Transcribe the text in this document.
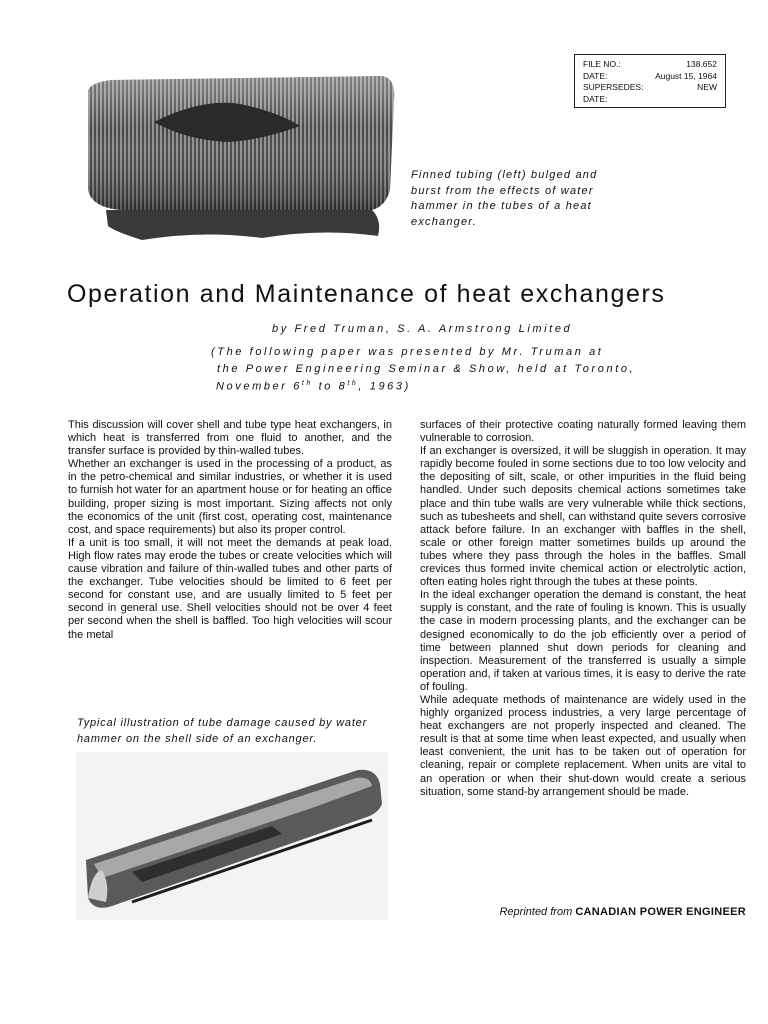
FILE NO.:	138.652
DATE:	August 15, 1964
SUPERSEDES:	NEW
DATE:
Finned tubing (left) bulged and burst from the effects of water hammer in the tubes of a heat exchanger.
Operation and Maintenance of heat exchangers
by Fred Truman, S. A. Armstrong Limited
(The following paper was presented by Mr. Truman at
the Power Engineering Seminar & Show, held at Toronto,
November 6th to 8th, 1963)

This discussion will cover shell and tube type heat exchangers, in which heat is transferred from one fluid to another, and the transfer surface is provided by thin-walled tubes.

Whether an exchanger is used in the processing of a product, as in the petro-chemical and similar industries, or whether it is used to furnish hot water for an apartment house or for heating an office building, proper sizing is most important. Sizing affects not only the economics of the unit (first cost, operating cost, maintenance cost, and space requirements) but also its proper control.

If a unit is too small, it will not meet the demands at peak load. High flow rates may erode the tubes or create velocities which will cause vibration and failure of thin-walled tubes and other parts of the exchanger. Tube velocities should be limited to 6 feet per second for constant use, and are usually limited to 5 feet per second in general use. Shell velocities should not be over 4 feet per second when the shell is baffled. Too high velocities will scour the metal

Typical illustration of tube damage caused by water hammer on the shell side of an exchanger.

surfaces of their protective coating naturally formed leaving them vulnerable to corrosion.

If an exchanger is oversized, it will be sluggish in operation. It may rapidly become fouled in some sections due to too low velocity and the depositing of silt, scale, or other impurities in the fluid being handled. Under such deposits chemical actions sometimes take place and thin tube walls are very vulnerable while thick sections, such as tubesheets and shell, can withstand quite severs corrosive attack before failure. In an exchanger with baffles in the shell, scale or other foreign matter sometimes builds up around the tubes where they pass through the holes in the baffles. Small crevices thus formed invite chemical action or electrolytic action, often eating holes right through the tubes at these points.

In the ideal exchanger operation the demand is constant, the heat supply is constant, and the rate of fouling is known. This is usually the case in modern processing plants, and the exchanger can be designed economically to do the job efficiently over a period of time between planned shut down periods for cleaning and inspection. Measurement of the transferred is usually a simple operation and, if taken at various times, it is easy to derive the rate of fouling.

While adequate methods of maintenance are widely used in the highly organized process industries, a very large percentage of heat exchangers are not properly inspected and cleaned. The result is that at some time when least expected, and usually when least convenient, the unit has to be taken out of operation for cleaning, repair or complete replacement. When units are vital to an operation or when their shut-down would create a serious situation, some stand-by arrangement should be made.

Reprinted from CANADIAN POWER ENGINEER
